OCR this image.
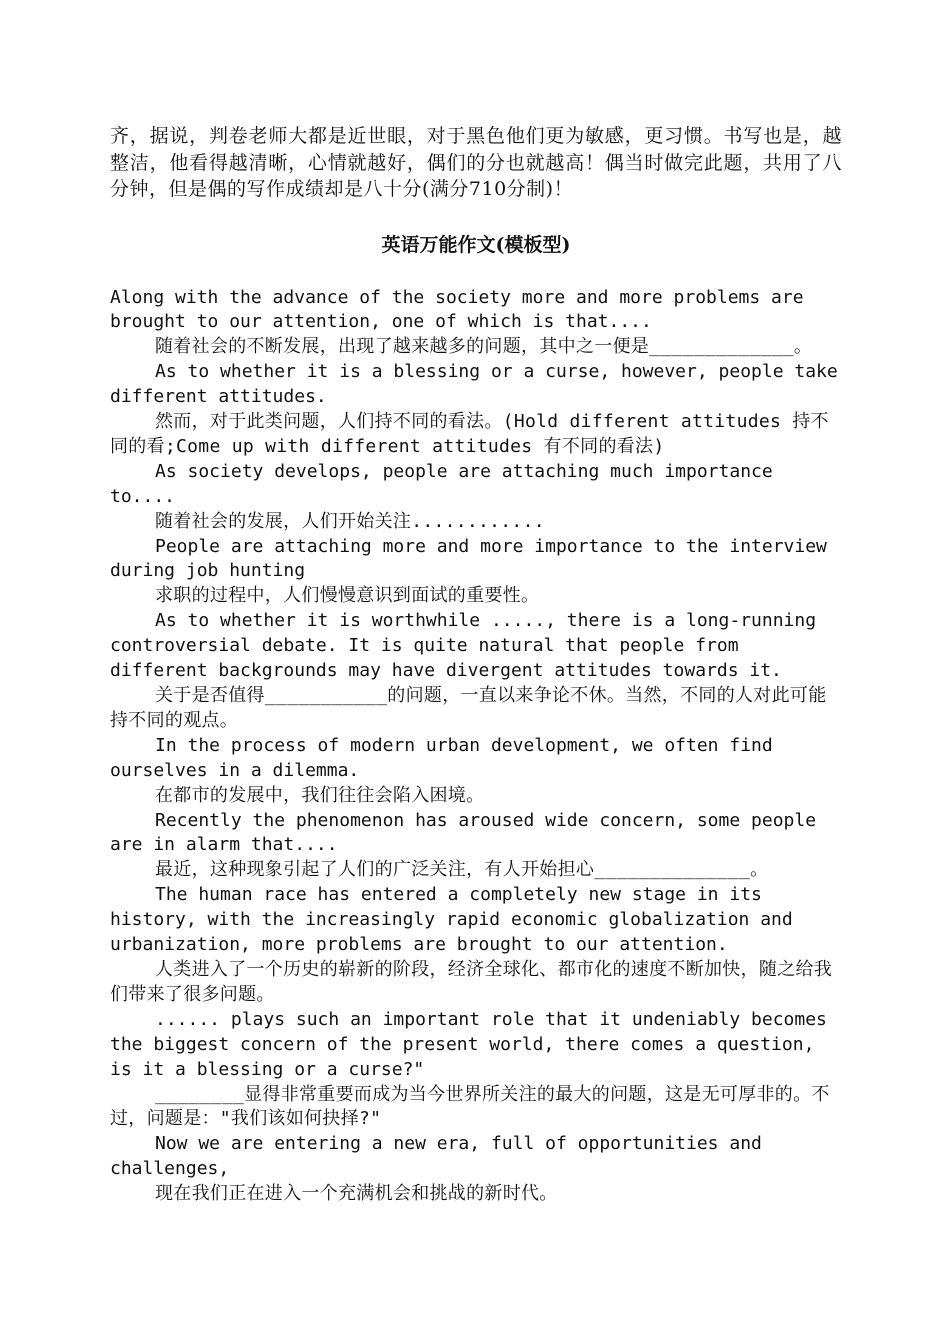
齐，据说，判卷老师大都是近世眼，对于黑色他们更为敏感，更习惯。书写也是，越整洁，他看得越清晰，心情就越好，偶们的分也就越高！偶当时做完此题，共用了八分钟，但是偶的写作成绩却是八十分(满分710分制)！

英语万能作文(模板型)

Along with the advance of the society more and more problems are brought to our attention, one of which is that....

随着社会的不断发展，出现了越来越多的问题，其中之一便是_____________。

As to whether it is a blessing or a curse, however, people take different attitudes.

然而，对于此类问题，人们持不同的看法。(Hold different attitudes 持不同的看;Come up with different attitudes 有不同的看法)

As society develops, people are attaching much importance to....

随着社会的发展，人们开始关注............

People are attaching more and more importance to the interview during job hunting

求职的过程中，人们慢慢意识到面试的重要性。

As to whether it is worthwhile ....., there is a long-running controversial debate. It is quite natural that people from different backgrounds may have divergent attitudes towards it.

关于是否值得___________的问题，一直以来争论不休。当然，不同的人对此可能持不同的观点。

In the process of modern urban development, we often find ourselves in a dilemma.

在都市的发展中，我们往往会陷入困境。

Recently the phenomenon has aroused wide concern, some people are in alarm that....

最近，这种现象引起了人们的广泛关注，有人开始担心______________。

The human race has entered a completely new stage in its history, with the increasingly rapid economic globalization and urbanization, more problems are brought to our attention.

人类进入了一个历史的崭新的阶段，经济全球化、都市化的速度不断加快，随之给我们带来了很多问题。

...... plays such an important role that it undeniably becomes the biggest concern of the present world, there comes a question, is it a blessing or a curse?"

________显得非常重要而成为当今世界所关注的最大的问题，这是无可厚非的。不过，问题是："我们该如何抉择?"

Now we are entering a new era, full of opportunities and challenges,

现在我们正在进入一个充满机会和挑战的新时代。
